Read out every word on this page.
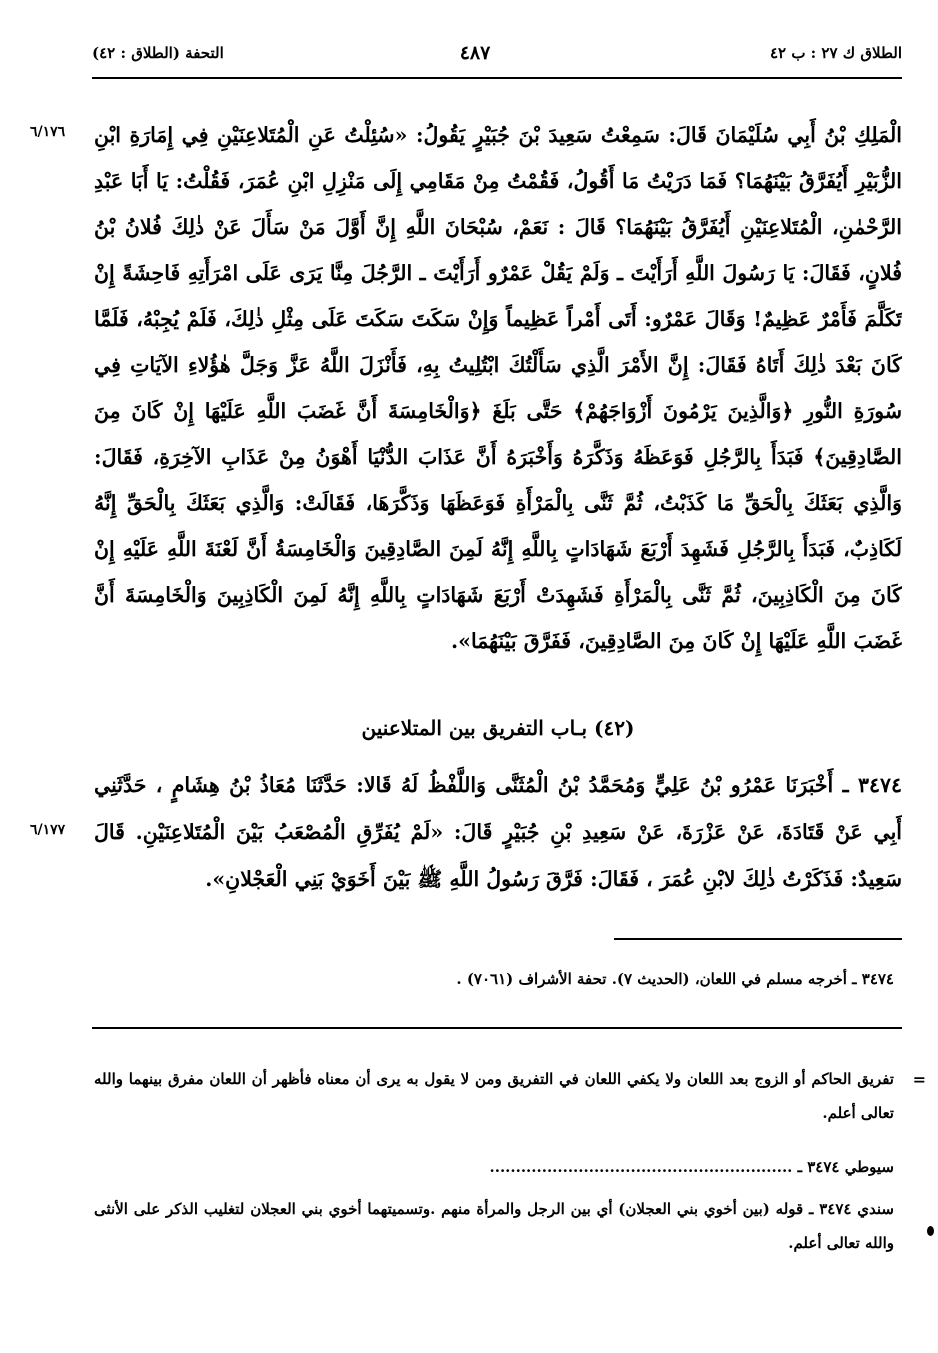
الطلاق ك ٢٧ : ب ٤٢
٤٨٧
التحفة (الطلاق : ٤٢)
٦/١٧٦
٦/١٧٧
الْمَلِكِ بْنُ أَبِي سُلَيْمَانَ قَالَ: سَمِعْتُ سَعِيدَ بْنَ جُبَيْرٍ يَقُولُ: «سُئِلْتُ عَنِ الْمُتَلاعِنَيْنِ فِي إِمَارَةِ ابْنِ
الزُّبَيْرِ أَيُفَرَّقُ بَيْنَهُمَا؟ فَمَا دَرَيْتُ مَا أَقُولُ، فَقُمْتُ مِنْ مَقَامِي إِلَى مَنْزِلِ ابْنِ عُمَرَ، فَقُلْتُ: يَا أَبَا عَبْدِ
الرَّحْمٰنِ، الْمُتَلاعِنَيْنِ أَيُفَرَّقُ بَيْنَهُمَا؟ قَالَ : نَعَمْ، سُبْحَانَ اللَّهِ إِنَّ أَوَّلَ مَنْ سَأَلَ عَنْ ذٰلِكَ فُلانُ بْنُ
فُلانٍ، فَقَالَ: يَا رَسُولَ اللَّهِ أَرَأَيْتَ ـ وَلَمْ يَقُلْ عَمْرٌو أَرَأَيْتَ ـ الرَّجُلَ مِنَّا يَرَى عَلَى امْرَأَتِهِ فَاحِشَةً إِنْ
تَكَلَّمَ فَأَمْرٌ عَظِيمٌ! وَقَالَ عَمْرٌو: أَتَى أَمْراً عَظِيماً وَإِنْ سَكَتَ سَكَتَ عَلَى مِثْلِ ذٰلِكَ، فَلَمْ يُجِبْهُ، فَلَمَّا
كَانَ بَعْدَ ذٰلِكَ أَتَاهُ فَقَالَ: إِنَّ الأَمْرَ الَّذِي سَأَلْتُكَ ابْتُلِيتُ بِهِ، فَأَنْزَلَ اللَّهُ عَزَّ وَجَلَّ هٰؤُلاءِ الآيَاتِ فِي
سُورَةِ النُّورِ ﴿وَالَّذِينَ يَرْمُونَ أَزْوَاجَهُمْ﴾ حَتَّى بَلَغَ ﴿وَالْخَامِسَةَ أَنَّ غَضَبَ اللَّهِ عَلَيْهَا إِنْ كَانَ مِنَ
الصَّادِقِينَ﴾ فَبَدَأَ بِالرَّجُلِ فَوَعَظَهُ وَذَكَّرَهُ وَأَخْبَرَهُ أَنَّ عَذَابَ الدُّنْيَا أَهْوَنُ مِنْ عَذَابِ الآخِرَةِ، فَقَالَ:
وَالَّذِي بَعَثَكَ بِالْحَقِّ مَا كَذَبْتُ، ثُمَّ ثَنَّى بِالْمَرْأَةِ فَوَعَظَهَا وَذَكَّرَهَا، فَقَالَتْ: وَالَّذِي بَعَثَكَ بِالْحَقِّ إِنَّهُ
لَكَاذِبٌ، فَبَدَأَ بِالرَّجُلِ فَشَهِدَ أَرْبَعَ شَهَادَاتٍ بِاللَّهِ إِنَّهُ لَمِنَ الصَّادِقِينَ وَالْخَامِسَةُ أَنَّ لَعْنَةَ اللَّهِ عَلَيْهِ إِنْ
كَانَ مِنَ الْكَاذِبِينَ، ثُمَّ ثَنَّى بِالْمَرْأَةِ فَشَهِدَتْ أَرْبَعَ شَهَادَاتٍ بِاللَّهِ إِنَّهُ لَمِنَ الْكَاذِبِينَ وَالْخَامِسَةَ أَنَّ
غَضَبَ اللَّهِ عَلَيْهَا إِنْ كَانَ مِنَ الصَّادِقِينَ، فَفَرَّقَ بَيْنَهُمَا».
(٤٢) بـاب التفريق بين المتلاعنين
٣٤٧٤ ـ أَخْبَرَنَا عَمْرُو بْنُ عَلِيٍّ وَمُحَمَّدُ بْنُ الْمُثَنَّى وَاللَّفْظُ لَهُ قَالا: حَدَّثَنَا مُعَاذُ بْنُ هِشَامٍ ، حَدَّثَنِي
أَبِي عَنْ قَتَادَةَ، عَنْ عَزْرَةَ، عَنْ سَعِيدِ بْنِ جُبَيْرٍ قَالَ: «لَمْ يُفَرِّقِ الْمُصْعَبُ بَيْنَ الْمُتَلاعِنَيْنِ. قَالَ
سَعِيدٌ: فَذَكَرْتُ ذٰلِكَ لابْنِ عُمَرَ ، فَقَالَ: فَرَّقَ رَسُولُ اللَّهِ ﷺ بَيْنَ أَخَوَيْ بَنِي الْعَجْلانِ».
٣٤٧٤ ـ أخرجه مسلم في اللعان، (الحديث ٧). تحفة الأشراف (٧٠٦١) .
=
تفريق الحاكم أو الزوج بعد اللعان ولا يكفي اللعان في التفريق ومن لا يقول به يرى أن معناه فأظهر أن اللعان مفرق بينهما والله تعالى أعلم.
سيوطي ٣٤٧٤ ـ ..........................................................
سندي ٣٤٧٤ ـ قوله (بين أخوي بني العجلان) أي بين الرجل والمرأة منهم .وتسميتهما أخوي بني العجلان لتغليب الذكر على الأنثى والله تعالى أعلم.
